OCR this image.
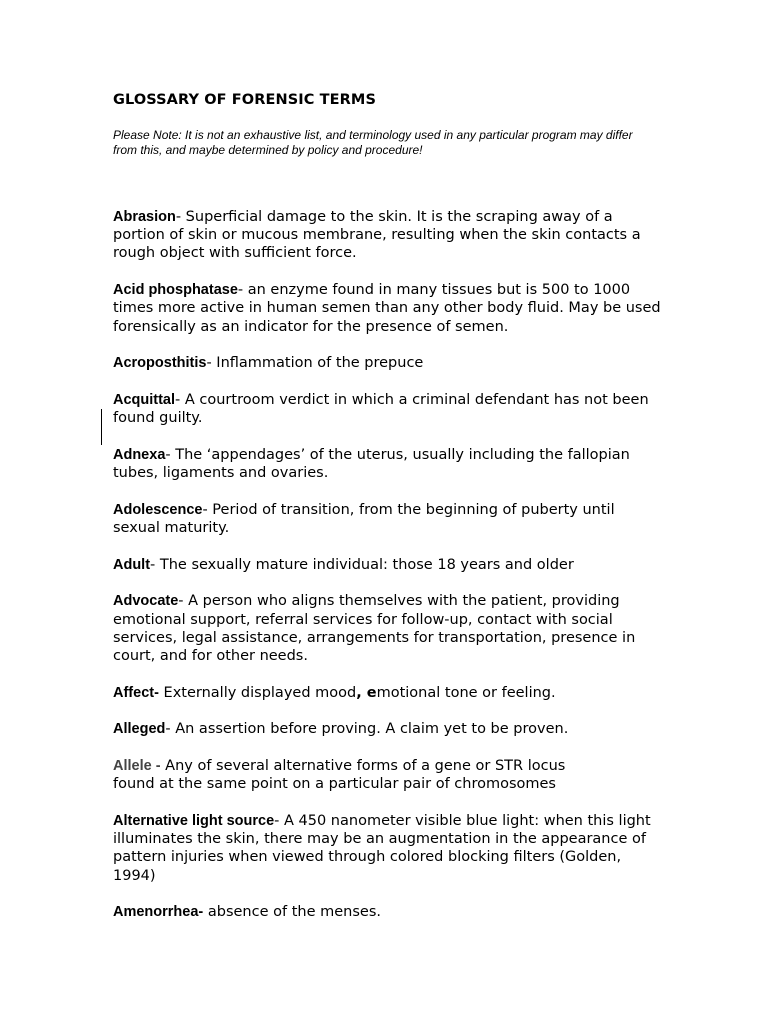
GLOSSARY OF FORENSIC TERMS

Please Note: It is not an exhaustive list, and terminology used in any particular program may differ from this, and maybe determined by policy and procedure!

Abrasion- Superficial damage to the skin. It is the scraping away of a portion of skin or mucous membrane, resulting when the skin contacts a rough object with sufficient force.

Acid phosphatase- an enzyme found in many tissues but is 500 to 1000 times more active in human semen than any other body fluid. May be used forensically as an indicator for the presence of semen.

Acroposthitis- Inflammation of the prepuce

Acquittal- A courtroom verdict in which a criminal defendant has not been found guilty.

Adnexa- The ‘appendages’ of the uterus, usually including the fallopian tubes, ligaments and ovaries.

Adolescence- Period of transition, from the beginning of puberty until sexual maturity.

Adult- The sexually mature individual: those 18 years and older

Advocate- A person who aligns themselves with the patient, providing emotional support, referral services for follow-up, contact with social services, legal assistance, arrangements for transportation, presence in court, and for other needs.

Affect- Externally displayed mood, emotional tone or feeling.

Alleged- An assertion before proving. A claim yet to be proven.

Allele - Any of several alternative forms of a gene or STR locus
found at the same point on a particular pair of chromosomes

Alternative light source- A 450 nanometer visible blue light: when this light illuminates the skin, there may be an augmentation in the appearance of pattern injuries when viewed through colored blocking filters (Golden, 1994)

Amenorrhea- absence of the menses.
